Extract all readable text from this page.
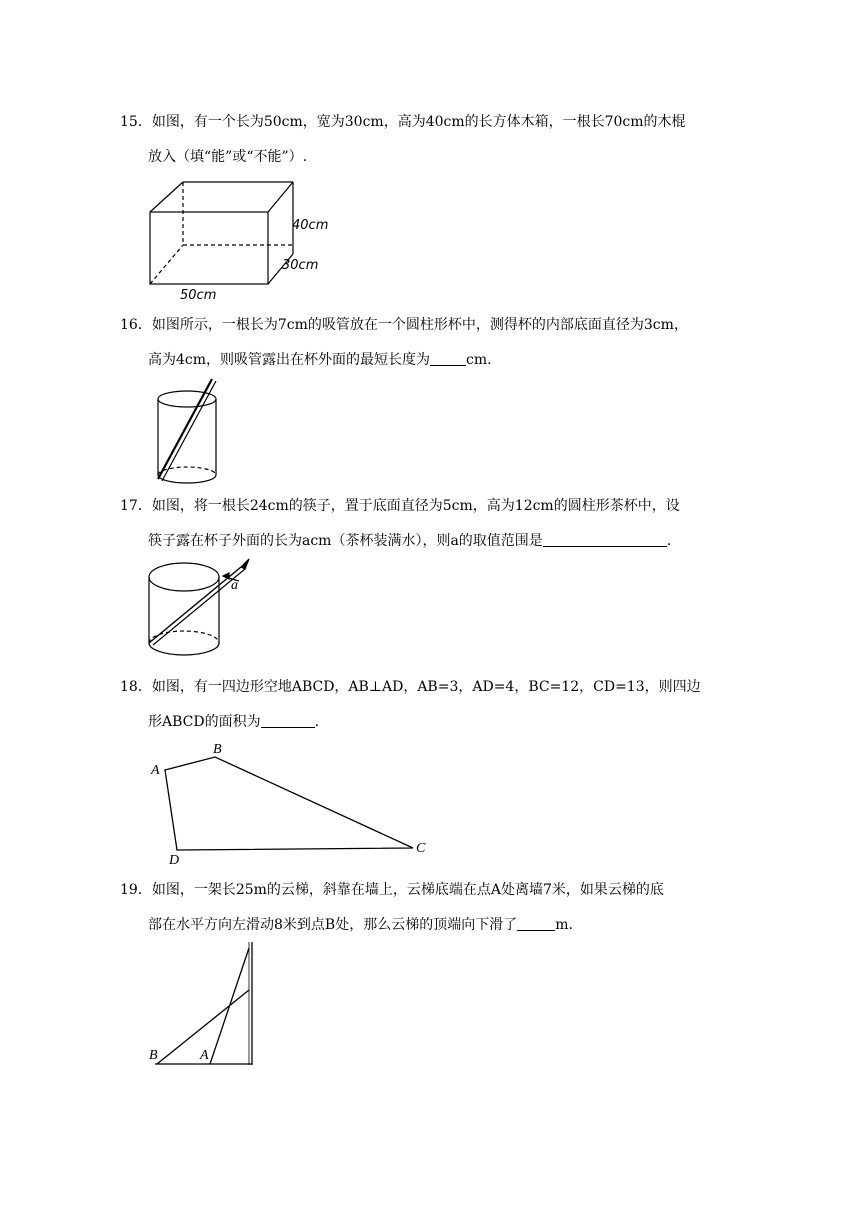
15．如图，有一个长为50cm，宽为30cm，高为40cm的长方体木箱，一根长70cm的木棍
放入（填“能”或“不能”）.
40cm
30cm
50cm
16．如图所示，一根长为7cm的吸管放在一个圆柱形杯中，测得杯的内部底面直径为3cm，
高为4cm，则吸管露出在杯外面的最短长度为	cm.
17．如图，将一根长24cm的筷子，置于底面直径为5cm，高为12cm的圆柱形茶杯中，设
筷子露在杯子外面的长为acm（茶杯装满水），则a的取值范围是	.
a
18．如图，有一四边形空地ABCD，AB⊥AD，AB=3，AD=4，BC=12，CD=13，则四边
形ABCD的面积为	.
A
B
C
D
19．如图，一架长25m的云梯，斜靠在墙上，云梯底端在点A处离墙7米，如果云梯的底
部在水平方向左滑动8米到点B处，那么云梯的顶端向下滑了	m.
B	A
